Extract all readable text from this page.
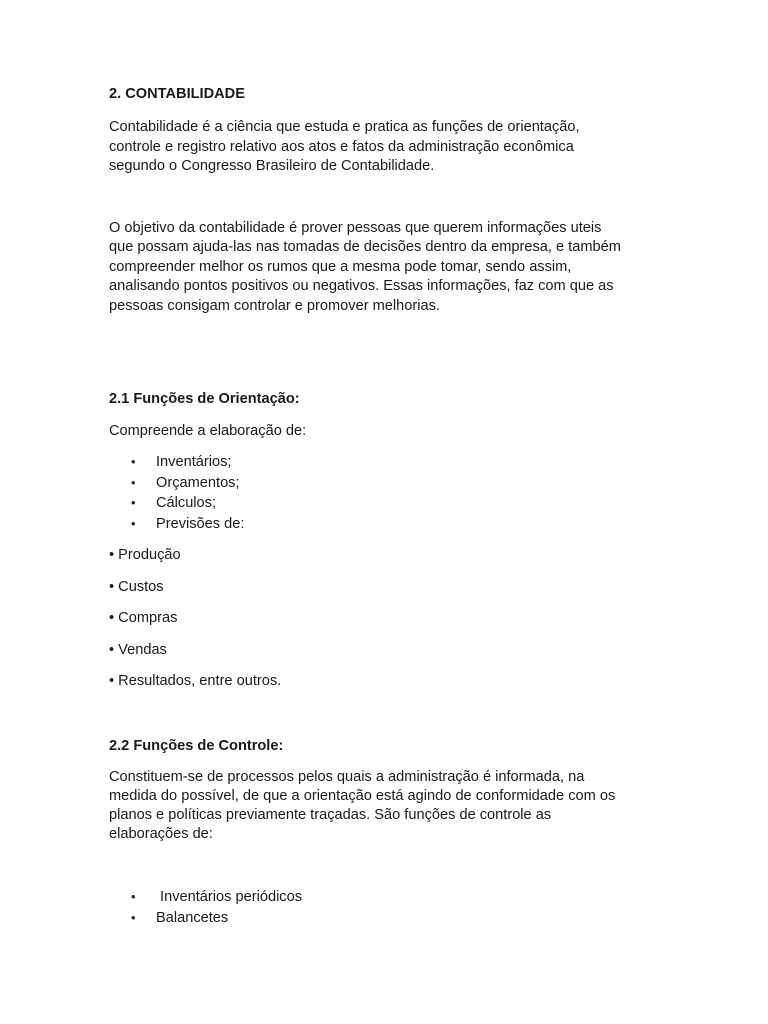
2. CONTABILIDADE
Contabilidade é a ciência que estuda e pratica as funções de orientação,
controle e registro relativo aos atos e fatos da administração econômica
segundo o Congresso Brasileiro de Contabilidade.
O objetivo da contabilidade é prover pessoas que querem informações uteis
que possam ajuda-las nas tomadas de decisões dentro da empresa, e também
compreender melhor os rumos que a mesma pode tomar, sendo assim,
analisando pontos positivos ou negativos. Essas informações, faz com que as
pessoas consigam controlar e promover melhorias.
2.1 Funções de Orientação:
Compreende a elaboração de:
• Inventários;
• Orçamentos;
• Cálculos;
• Previsões de:
• Produção
• Custos
• Compras
• Vendas
• Resultados, entre outros.
2.2 Funções de Controle:
Constituem-se de processos pelos quais a administração é informada, na
medida do possível, de que a orientação está agindo de conformidade com os
planos e políticas previamente traçadas. São funções de controle as
elaborações de:
• Inventários periódicos
• Balancetes
